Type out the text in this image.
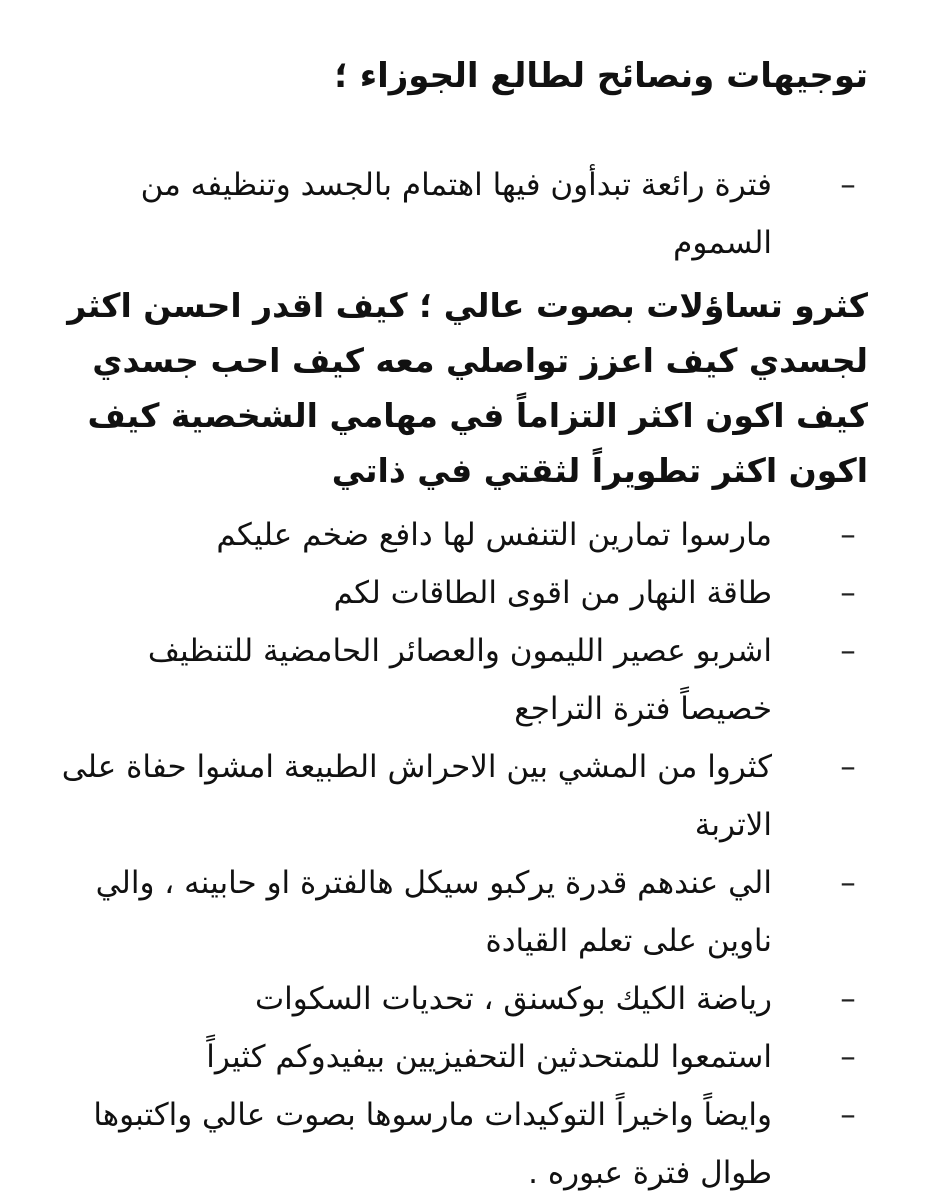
توجيهات ونصائح لطالع الجوزاء ؛
–
فترة رائعة تبدأون فيها اهتمام بالجسد وتنظيفه من السموم

كثرو تساؤلات بصوت عالي ؛ كيف اقدر احسن اكثر لجسدي كيف اعزز تواصلي معه كيف احب جسدي كيف اكون اكثر التزاماً في مهامي الشخصية كيف اكون اكثر تطويراً لثقتي في ذاتي

–
مارسوا تمارين التنفس لها دافع ضخم عليكم
–
طاقة النهار من اقوى الطاقات لكم
–
اشربو عصير الليمون والعصائر الحامضية للتنظيف خصيصاً فترة التراجع
–
كثروا من المشي بين الاحراش الطبيعة امشوا حفاة على الاتربة
–
الي عندهم قدرة يركبو سيكل هالفترة او حابينه ، والي ناوين على تعلم القيادة
–
رياضة الكيك بوكسنق ، تحديات السكوات
–
استمعوا للمتحدثين التحفيزيين بيفيدوكم كثيراً
–
وايضاً واخيراً التوكيدات مارسوها بصوت عالي واكتبوها طوال فترة عبوره .
